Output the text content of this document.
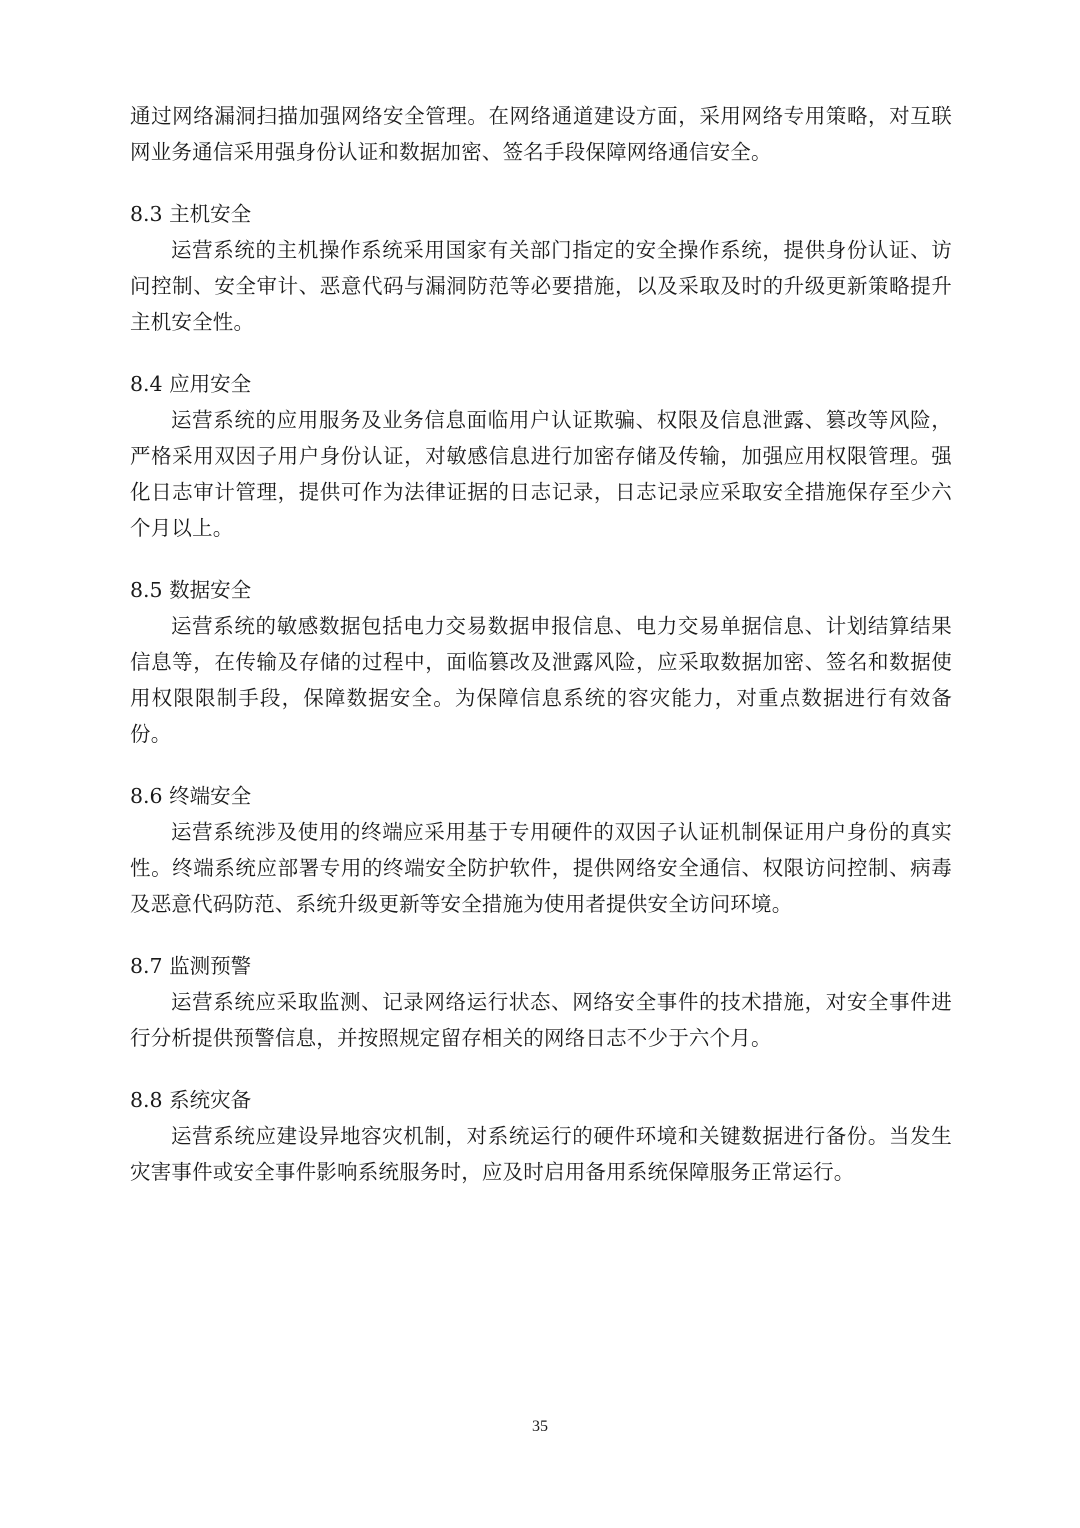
通过网络漏洞扫描加强网络安全管理。在网络通道建设方面，采用网络专用策略，对互联网业务通信采用强身份认证和数据加密、签名手段保障网络通信安全。

8.3 主机安全

运营系统的主机操作系统采用国家有关部门指定的安全操作系统，提供身份认证、访问控制、安全审计、恶意代码与漏洞防范等必要措施，以及采取及时的升级更新策略提升主机安全性。

8.4 应用安全

运营系统的应用服务及业务信息面临用户认证欺骗、权限及信息泄露、篡改等风险，严格采用双因子用户身份认证，对敏感信息进行加密存储及传输，加强应用权限管理。强化日志审计管理，提供可作为法律证据的日志记录，日志记录应采取安全措施保存至少六个月以上。

8.5 数据安全

运营系统的敏感数据包括电力交易数据申报信息、电力交易单据信息、计划结算结果信息等，在传输及存储的过程中，面临篡改及泄露风险，应采取数据加密、签名和数据使用权限限制手段，保障数据安全。为保障信息系统的容灾能力，对重点数据进行有效备份。

8.6 终端安全

运营系统涉及使用的终端应采用基于专用硬件的双因子认证机制保证用户身份的真实性。终端系统应部署专用的终端安全防护软件，提供网络安全通信、权限访问控制、病毒及恶意代码防范、系统升级更新等安全措施为使用者提供安全访问环境。

8.7 监测预警

运营系统应采取监测、记录网络运行状态、网络安全事件的技术措施，对安全事件进行分析提供预警信息，并按照规定留存相关的网络日志不少于六个月。

8.8 系统灾备

运营系统应建设异地容灾机制，对系统运行的硬件环境和关键数据进行备份。当发生灾害事件或安全事件影响系统服务时，应及时启用备用系统保障服务正常运行。

35
